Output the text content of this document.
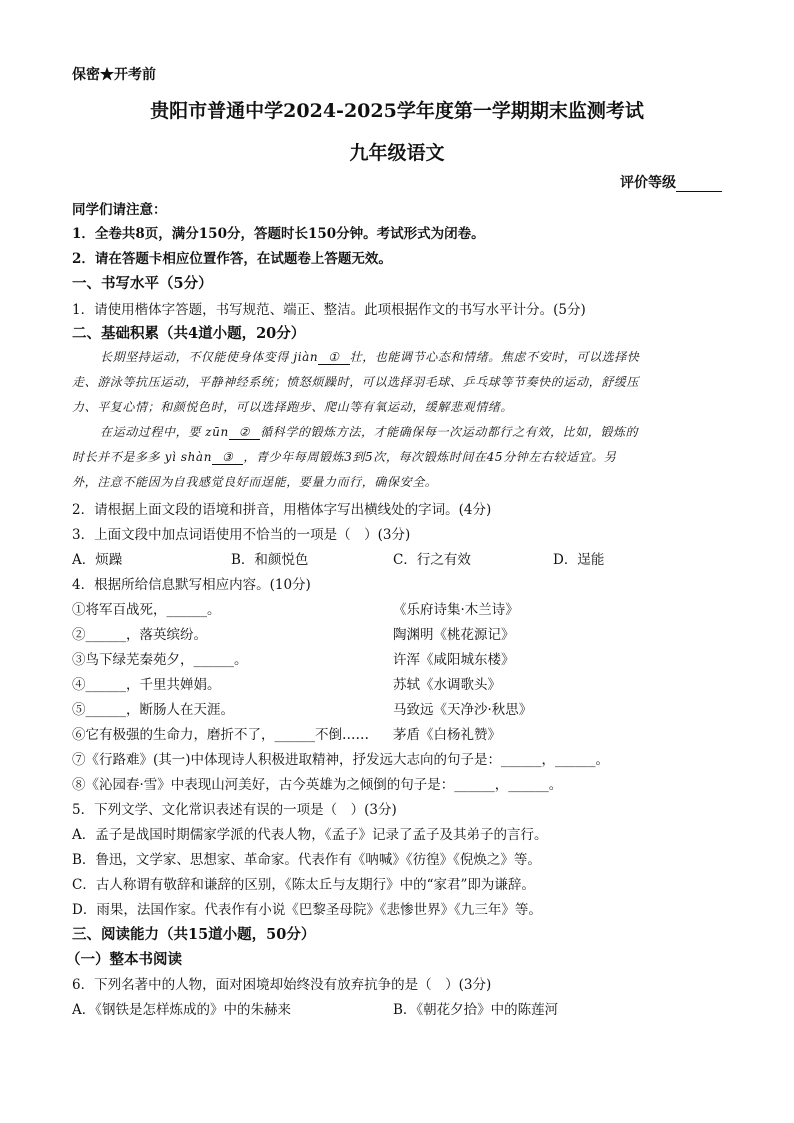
保密★开考前
贵阳市普通中学2024-2025学年度第一学期期末监测考试
九年级语文
评价等级
同学们请注意：
1．全卷共8页，满分150分，答题时长150分钟。考试形式为闭卷。
2．请在答题卡相应位置作答，在试题卷上答题无效。
一、书写水平（5分）
1．请使用楷体字答题，书写规范、端正、整洁。此项根据作文的书写水平计分。(5分)
二、基础积累（共4道小题，20分）
长期坚持运动，不仅能使身体变得 jiàn ① 壮，也能调节心态和情绪。焦虑不安时，可以选择快
走、游泳等抗压运动，平静神经系统；愤怒烦躁时，可以选择羽毛球、乒乓球等节奏快的运动，舒缓压
力、平复心情；和颜悦色时，可以选择跑步、爬山等有氧运动，缓解悲观情绪。
在运动过程中，要 zūn ② 循科学的锻炼方法，才能确保每一次运动都行之有效，比如，锻炼的
时长并不是多多 yì shàn ③ ，青少年每周锻炼3到5次，每次锻炼时间在45分钟左右较适宜。另
外，注意不能因为自我感觉良好而逞能，要量力而行，确保安全。
2．请根据上面文段的语境和拼音，用楷体字写出横线处的字词。(4分)
3．上面文段中加点词语使用不恰当的一项是（　）(3分)
A．烦躁	B．和颜悦色	C．行之有效	D．逞能
4．根据所给信息默写相应内容。(10分)
①将军百战死，______。	《乐府诗集·木兰诗》
②______，落英缤纷。	陶渊明《桃花源记》
③鸟下绿芜秦苑夕，______。	许浑《咸阳城东楼》
④______，千里共婵娟。	苏轼《水调歌头》
⑤______，断肠人在天涯。	马致远《天净沙·秋思》
⑥它有极强的生命力，磨折不了，______不倒…… 茅盾《白杨礼赞》
⑦《行路难》(其一)中体现诗人积极进取精神，抒发远大志向的句子是：______，______。
⑧《沁园春·雪》中表现山河美好，古今英雄为之倾倒的句子是：______，______。
5．下列文学、文化常识表述有误的一项是（　）(3分)
A．孟子是战国时期儒家学派的代表人物，《孟子》记录了孟子及其弟子的言行。
B．鲁迅，文学家、思想家、革命家。代表作有《呐喊》《彷徨》《倪焕之》等。
C．古人称谓有敬辞和谦辞的区别，《陈太丘与友期行》中的“家君”即为谦辞。
D．雨果，法国作家。代表作有小说《巴黎圣母院》《悲惨世界》《九三年》等。
三、阅读能力（共15道小题，50分）
（一）整本书阅读
6．下列名著中的人物，面对困境却始终没有放弃抗争的是（　）(3分)
A．《钢铁是怎样炼成的》中的朱赫来	B．《朝花夕拾》中的陈莲河
